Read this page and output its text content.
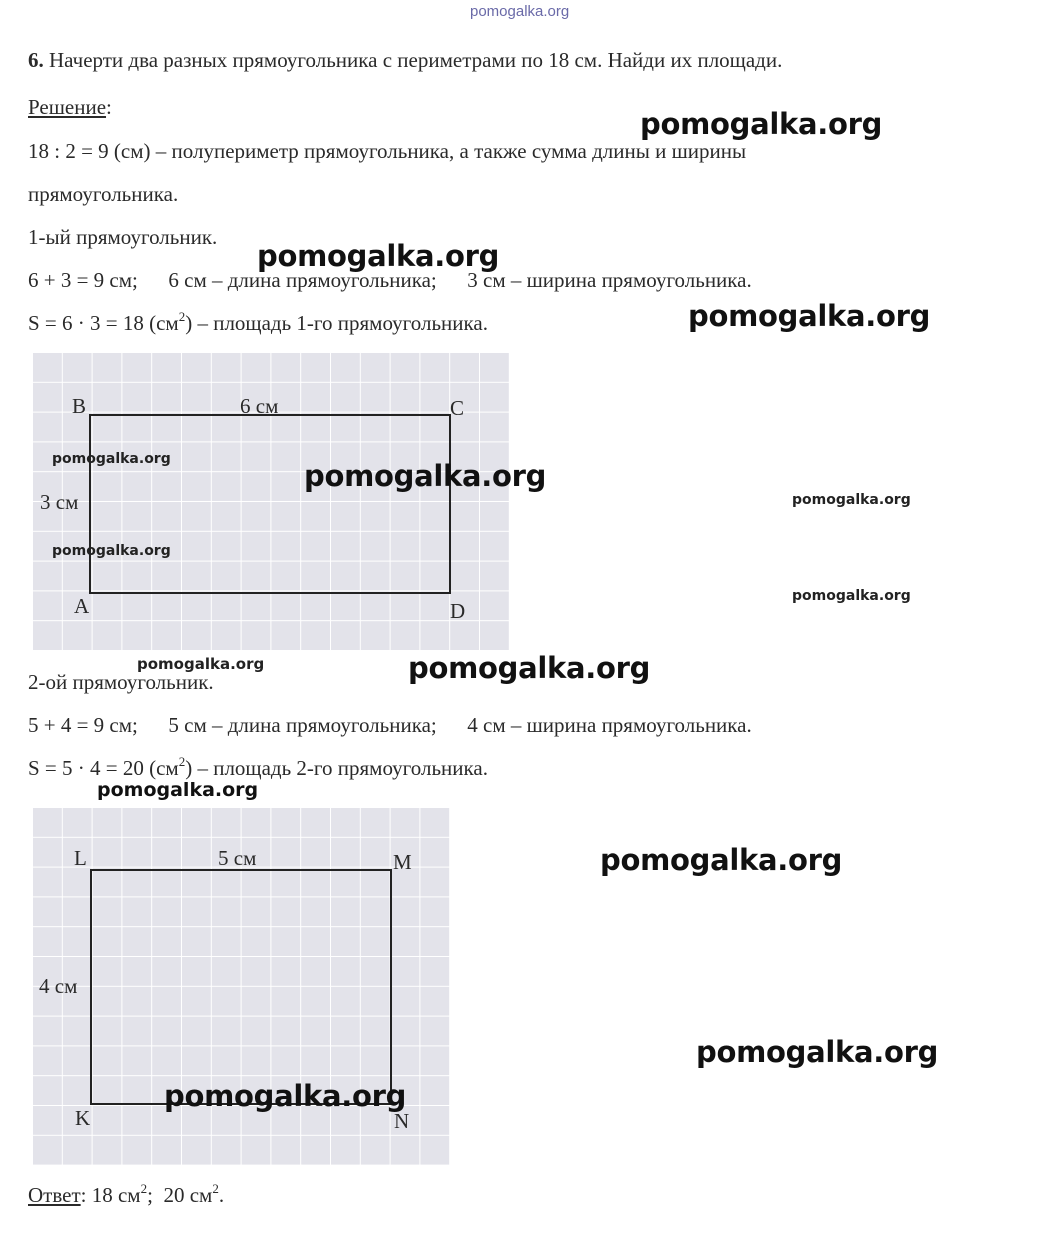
pomogalka.org
6. Начерти два разных прямоугольника с периметрами по 18 см. Найди их площади.
Решение:
18 : 2 = 9 (см) – полупериметр прямоугольника, а также сумма длины и ширины
прямоугольника.
1-ый прямоугольник.
6 + 3 = 9 см; 6 см – длина прямоугольника; 3 см – ширина прямоугольника.
S = 6 · 3 = 18 $(см^2)$ – площадь 1-го прямоугольника.
B	C
A	D
6 см
3 см
2-ой прямоугольник.
5 + 4 = 9 см; 5 см – длина прямоугольника; 4 см – ширина прямоугольника.
S = 5 · 4 = 20 $(см^2)$ – площадь 2-го прямоугольника.
L	M
K	N
5 см
4 см
Ответ: 18 $см^2$; 20 $см^2$.
pomogalka.org
pomogalka.org
pomogalka.org
pomogalka.org	pomogalka.org
pomogalka.org
pomogalka.org
pomogalka.org
pomogalka.org	pomogalka.org
pomogalka.org
pomogalka.org
pomogalka.org
pomogalka.org
